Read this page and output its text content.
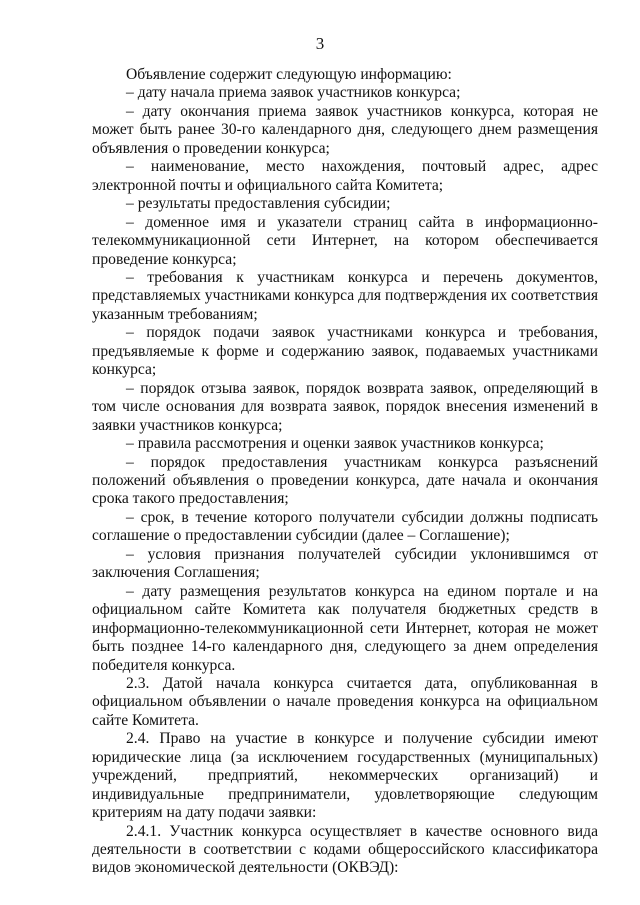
3

Объявление содержит следующую информацию:

– дату начала приема заявок участников конкурса;

– дату окончания приема заявок участников конкурса, которая не может быть ранее 30-го календарного дня, следующего днем размещения объявления о проведении конкурса;

– наименование, место нахождения, почтовый адрес, адрес электронной почты и официального сайта Комитета;

– результаты предоставления субсидии;

– доменное имя и указатели страниц сайта в информационно-телекоммуникационной сети Интернет, на котором обеспечивается проведение конкурса;

– требования к участникам конкурса и перечень документов, представляемых участниками конкурса для подтверждения их соответствия указанным требованиям;

– порядок подачи заявок участниками конкурса и требования, предъявляемые к форме и содержанию заявок, подаваемых участниками конкурса;

– порядок отзыва заявок, порядок возврата заявок, определяющий в том числе основания для возврата заявок, порядок внесения изменений в заявки участников конкурса;

– правила рассмотрения и оценки заявок участников конкурса;

– порядок предоставления участникам конкурса разъяснений положений объявления о проведении конкурса, дате начала и окончания срока такого предоставления;

– срок, в течение которого получатели субсидии должны подписать соглашение о предоставлении субсидии (далее – Соглашение);

– условия признания получателей субсидии уклонившимся от заключения Соглашения;

– дату размещения результатов конкурса на едином портале и на официальном сайте Комитета как получателя бюджетных средств в информационно-телекоммуникационной сети Интернет, которая не может быть позднее 14-го календарного дня, следующего за днем определения победителя конкурса.

2.3. Датой начала конкурса считается дата, опубликованная в официальном объявлении о начале проведения конкурса на официальном сайте Комитета.

2.4. Право на участие в конкурсе и получение субсидии имеют юридические лица (за исключением государственных (муниципальных) учреждений, предприятий, некоммерческих организаций) и индивидуальные предприниматели, удовлетворяющие следующим критериям на дату подачи заявки:

2.4.1. Участник конкурса осуществляет в качестве основного вида деятельности в соответствии с кодами общероссийского классификатора видов экономической деятельности (ОКВЭД):
